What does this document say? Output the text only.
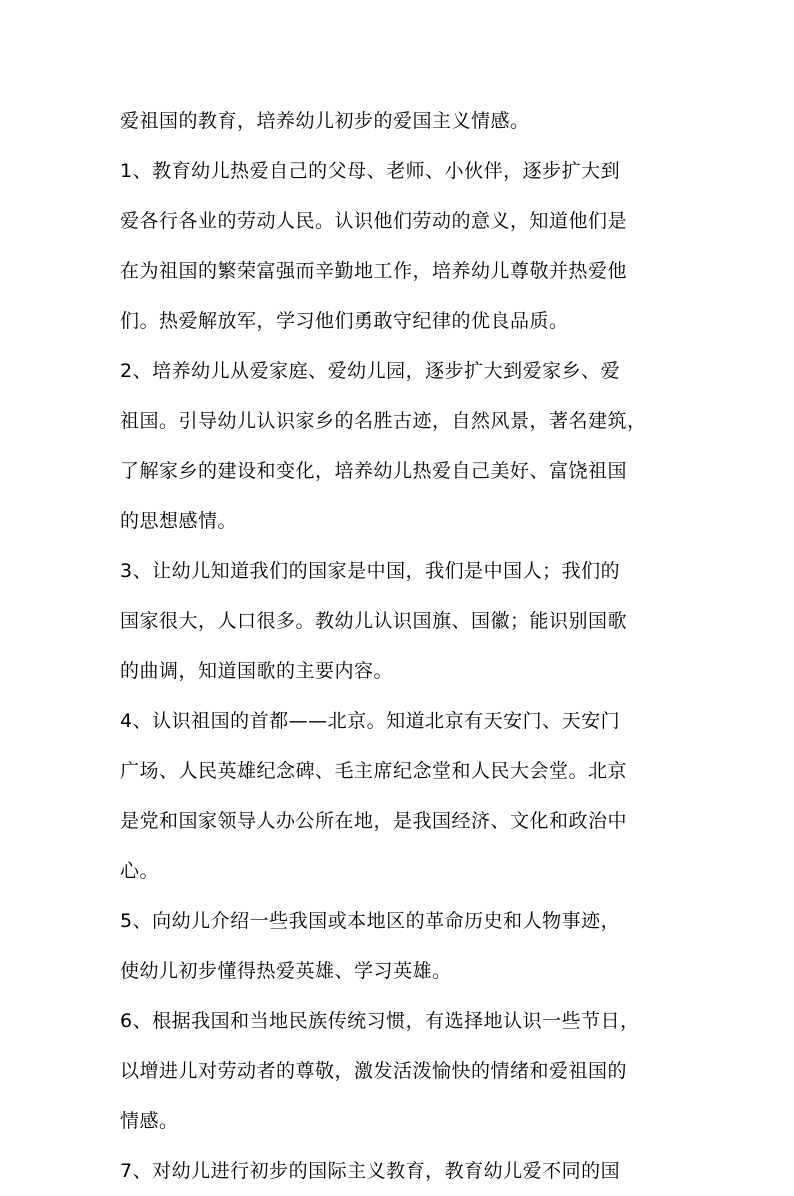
爱祖国的教育，培养幼儿初步的爱国主义情感。
1、教育幼儿热爱自己的父母、老师、小伙伴，逐步扩大到
爱各行各业的劳动人民。认识他们劳动的意义，知道他们是
在为祖国的繁荣富强而辛勤地工作，培养幼儿尊敬并热爱他
们。热爱解放军，学习他们勇敢守纪律的优良品质。
2、培养幼儿从爱家庭、爱幼儿园，逐步扩大到爱家乡、爱
祖国。引导幼儿认识家乡的名胜古迹，自然风景，著名建筑，
了解家乡的建设和变化，培养幼儿热爱自己美好、富饶祖国
的思想感情。
3、让幼儿知道我们的国家是中国，我们是中国人；我们的
国家很大，人口很多。教幼儿认识国旗、国徽；能识别国歌
的曲调，知道国歌的主要内容。
4、认识祖国的首都——北京。知道北京有天安门、天安门
广场、人民英雄纪念碑、毛主席纪念堂和人民大会堂。北京
是党和国家领导人办公所在地，是我国经济、文化和政治中
心。
5、向幼儿介绍一些我国或本地区的革命历史和人物事迹，
使幼儿初步懂得热爱英雄、学习英雄。
6、根据我国和当地民族传统习惯，有选择地认识一些节日，
以增进儿对劳动者的尊敬，激发活泼愉快的情绪和爱祖国的
情感。
7、对幼儿进行初步的国际主义教育，教育幼儿爱不同的国
